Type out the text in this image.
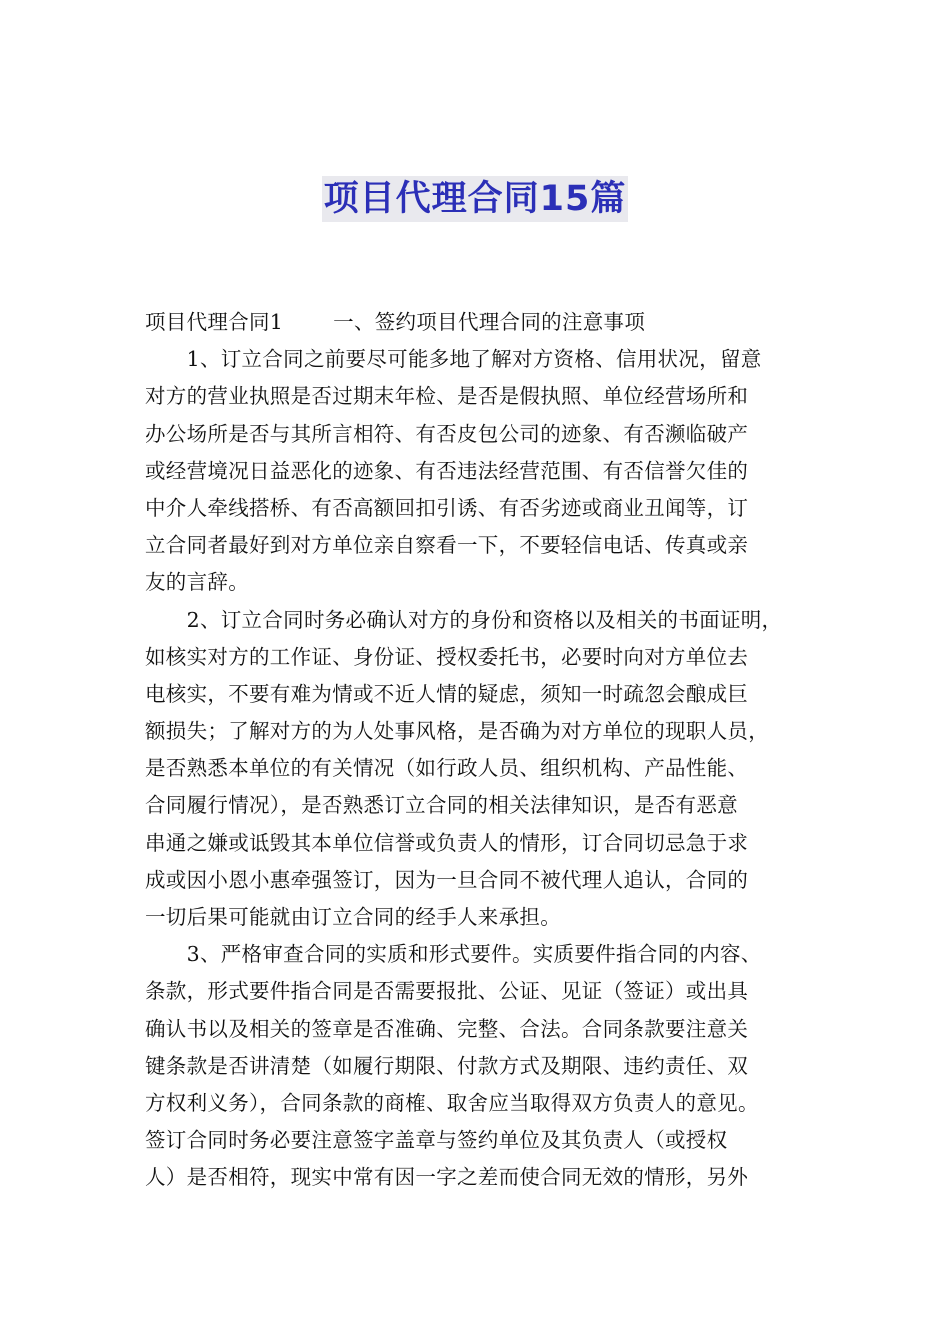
项目代理合同15篇
项目代理合同1 一、签约项目代理合同的注意事项
　　1、订立合同之前要尽可能多地了解对方资格、信用状况，留意
对方的营业执照是否过期末年检、是否是假执照、单位经营场所和
办公场所是否与其所言相符、有否皮包公司的迹象、有否濒临破产
或经营境况日益恶化的迹象、有否违法经营范围、有否信誉欠佳的
中介人牵线搭桥、有否高额回扣引诱、有否劣迹或商业丑闻等，订
立合同者最好到对方单位亲自察看一下，不要轻信电话、传真或亲
友的言辞。
　　2、订立合同时务必确认对方的身份和资格以及相关的书面证明，
如核实对方的工作证、身份证、授权委托书，必要时向对方单位去
电核实，不要有难为情或不近人情的疑虑，须知一时疏忽会酿成巨
额损失；了解对方的为人处事风格，是否确为对方单位的现职人员，
是否熟悉本单位的有关情况（如行政人员、组织机构、产品性能、
合同履行情况），是否熟悉订立合同的相关法律知识，是否有恶意
串通之嫌或诋毁其本单位信誉或负责人的情形，订合同切忌急于求
成或因小恩小惠牵强签订，因为一旦合同不被代理人追认，合同的
一切后果可能就由订立合同的经手人来承担。
　　3、严格审查合同的实质和形式要件。实质要件指合同的内容、
条款，形式要件指合同是否需要报批、公证、见证（签证）或出具
确认书以及相关的签章是否准确、完整、合法。合同条款要注意关
键条款是否讲清楚（如履行期限、付款方式及期限、违约责任、双
方权利义务），合同条款的商榷、取舍应当取得双方负责人的意见。
签订合同时务必要注意签字盖章与签约单位及其负责人（或授权
人）是否相符，现实中常有因一字之差而使合同无效的情形，另外
